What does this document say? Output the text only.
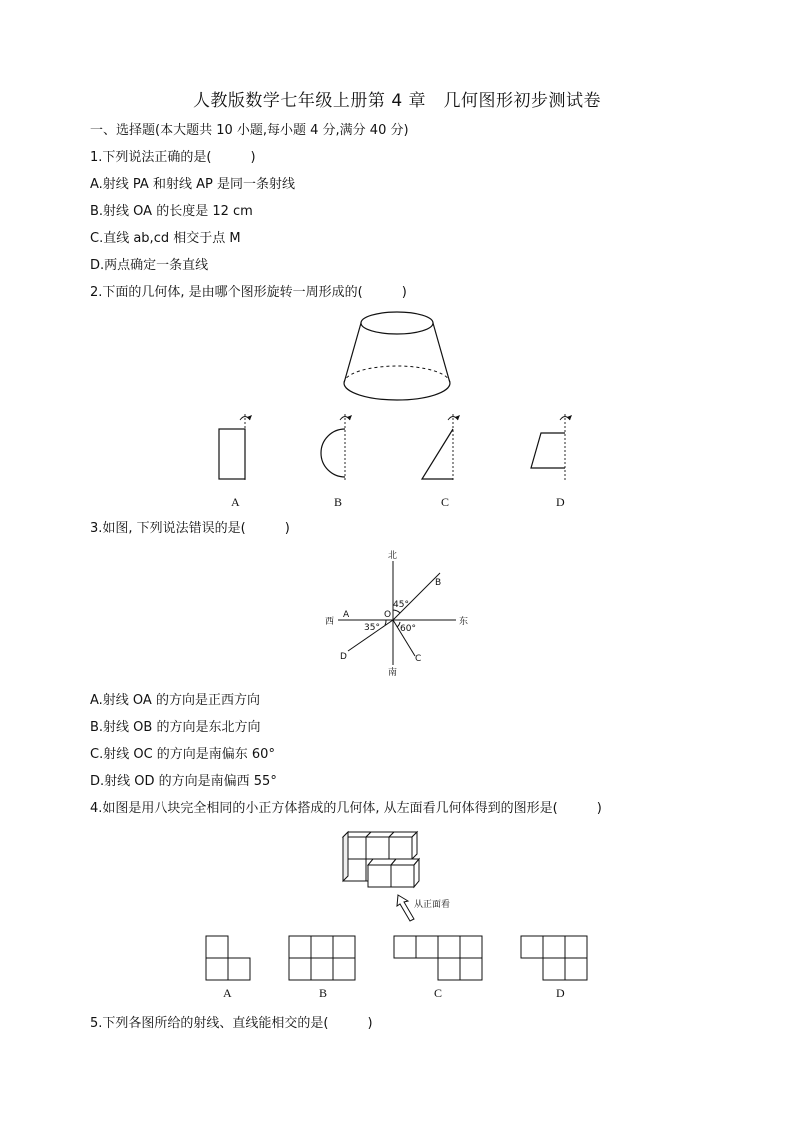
人教版数学七年级上册第 4 章　几何图形初步测试卷
一、选择题(本大题共 10 小题,每小题 4 分,满分 40 分)
1.下列说法正确的是(　　　)
A.射线 PA 和射线 AP 是同一条射线
B.射线 OA 的长度是 12 cm
C.直线 ab,cd 相交于点 M
D.两点确定一条直线
2.下面的几何体, 是由哪个图形旋转一周形成的(　　　)
A	B	C	D
3.如图, 下列说法错误的是(　　　)
北
南
东
西
O
A
B
C
D
45°
35° 60°
A.射线 OA 的方向是正西方向
B.射线 OB 的方向是东北方向
C.射线 OC 的方向是南偏东 60°
D.射线 OD 的方向是南偏西 55°
4.如图是用八块完全相同的小正方体搭成的几何体, 从左面看几何体得到的图形是(　　　)
从正面看
A	B	C	D
5.下列各图所给的射线、直线能相交的是(　　　)
